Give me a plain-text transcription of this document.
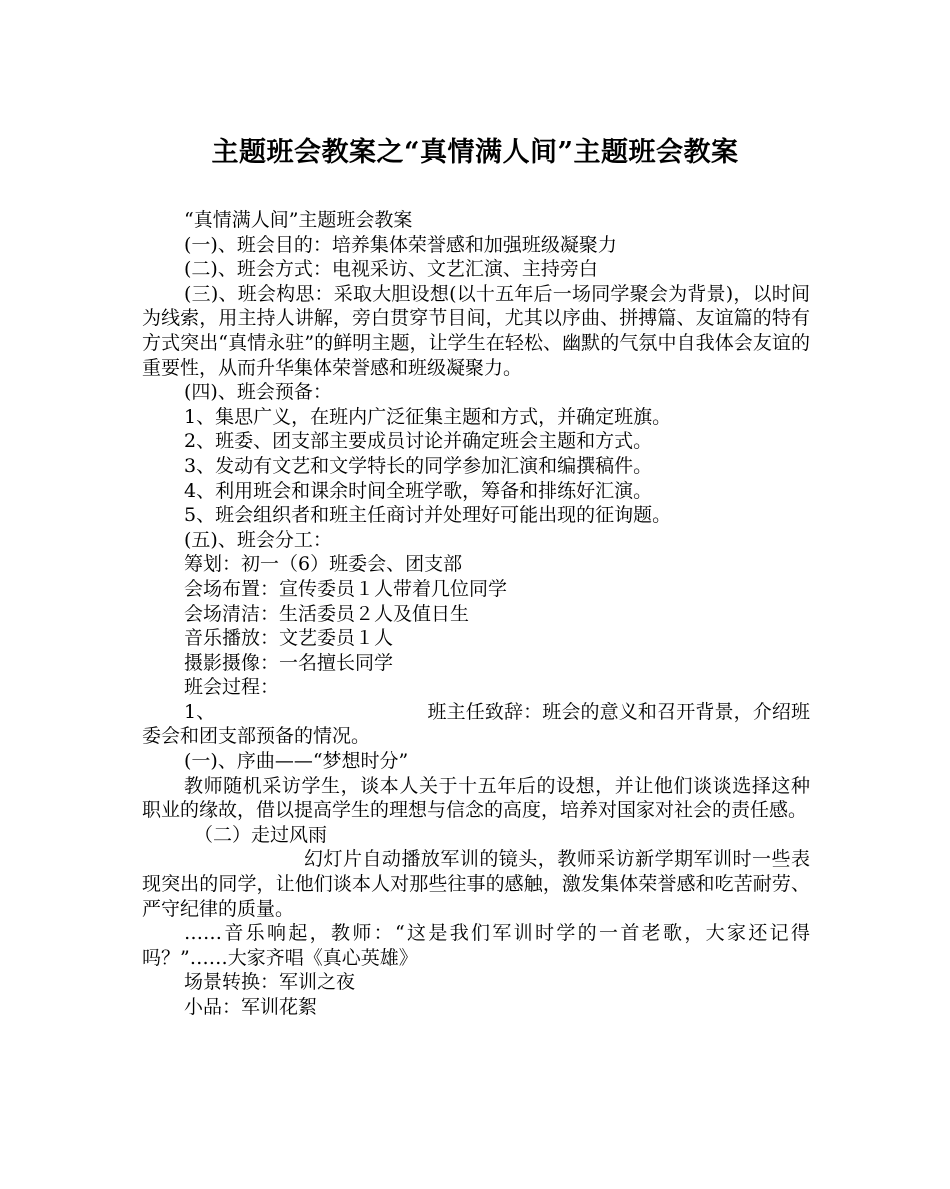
主题班会教案之“真情满人间”主题班会教案

“真情满人间”主题班会教案

(一)、班会目的：培养集体荣誉感和加强班级凝聚力

(二)、班会方式：电视采访、文艺汇演、主持旁白

(三)、班会构思：采取大胆设想(以十五年后一场同学聚会为背景)，以时间为线索，用主持人讲解，旁白贯穿节目间，尤其以序曲、拼搏篇、友谊篇的特有方式突出“真情永驻”的鲜明主题，让学生在轻松、幽默的气氛中自我体会友谊的重要性，从而升华集体荣誉感和班级凝聚力。

(四)、班会预备：

1、集思广义，在班内广泛征集主题和方式，并确定班旗。

2、班委、团支部主要成员讨论并确定班会主题和方式。

3、发动有文艺和文学特长的同学参加汇演和编撰稿件。

4、利用班会和课余时间全班学歌，筹备和排练好汇演。

5、班会组织者和班主任商讨并处理好可能出现的征询题。

(五)、班会分工：

筹划：初一（6）班委会、团支部

会场布置：宣传委员１人带着几位同学

会场清洁：生活委员２人及值日生

音乐播放：文艺委员１人

摄影摄像：一名擅长同学

班会过程：

1、	班主任致辞：班会的意义和召开背景，介绍班委会和团支部预备的情况。

(一)、序曲——“梦想时分”

教师随机采访学生，谈本人关于十五年后的设想，并让他们谈谈选择这种职业的缘故，借以提高学生的理想与信念的高度，培养对国家对社会的责任感。

（二）走过风雨

幻灯片自动播放军训的镜头，教师采访新学期军训时一些表现突出的同学，让他们谈本人对那些往事的感触，激发集体荣誉感和吃苦耐劳、严守纪律的质量。

……音乐响起，教师：“这是我们军训时学的一首老歌，大家还记得吗？”……大家齐唱《真心英雄》

场景转换：军训之夜

小品：军训花絮
